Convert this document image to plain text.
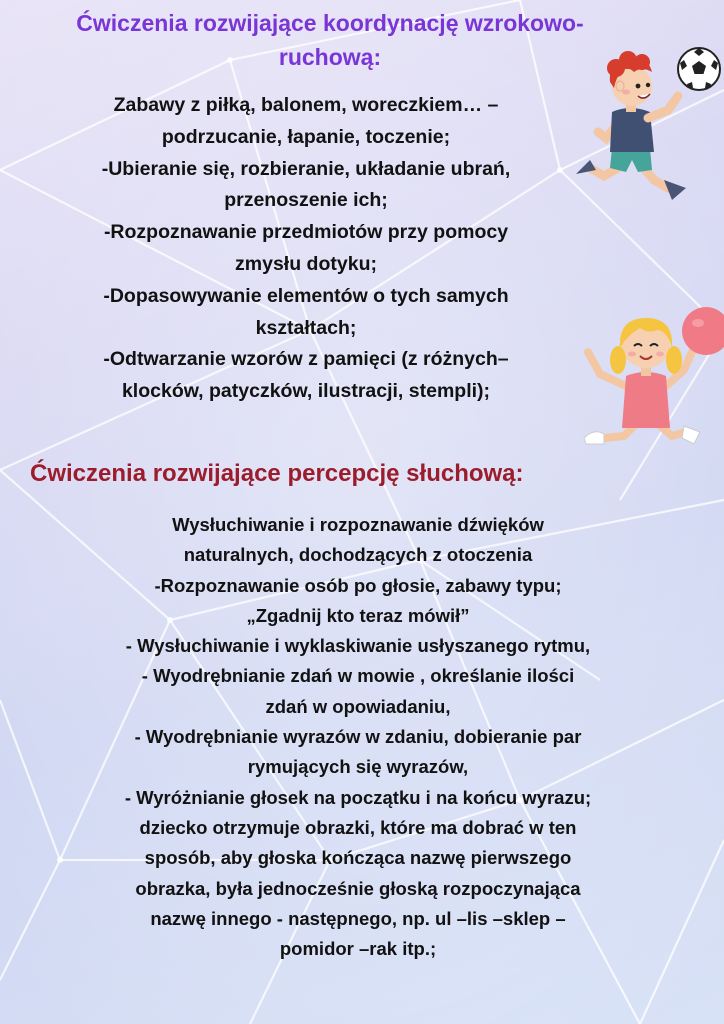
Ćwiczenia rozwijające koordynację wzrokowo-
ruchową:
Zabawy z piłką, balonem, woreczkiem… –
podrzucanie, łapanie, toczenie;
-Ubieranie się, rozbieranie, układanie ubrań,
przenoszenie ich;
-Rozpoznawanie przedmiotów przy pomocy
zmysłu dotyku;
-Dopasowywanie elementów o tych samych
kształtach;
-Odtwarzanie wzorów z pamięci (z różnych–
klocków, patyczków, ilustracji, stempli);
Ćwiczenia rozwijające percepcję słuchową:
Wysłuchiwanie i rozpoznawanie dźwięków
naturalnych, dochodzących z otoczenia
-Rozpoznawanie osób po głosie, zabawy typu;
„Zgadnij kto teraz mówił”
- Wysłuchiwanie i wyklaskiwanie usłyszanego rytmu,
- Wyodrębnianie zdań w mowie , określanie ilości
zdań w opowiadaniu,
- Wyodrębnianie wyrazów w zdaniu, dobieranie par
rymujących się wyrazów,
- Wyróżnianie głosek na początku i na końcu wyrazu;
dziecko otrzymuje obrazki, które ma dobrać w ten
sposób, aby głoska kończąca nazwę pierwszego
obrazka, była jednocześnie głoską rozpoczynająca
nazwę innego - następnego, np. ul –lis –sklep –
pomidor –rak itp.;
